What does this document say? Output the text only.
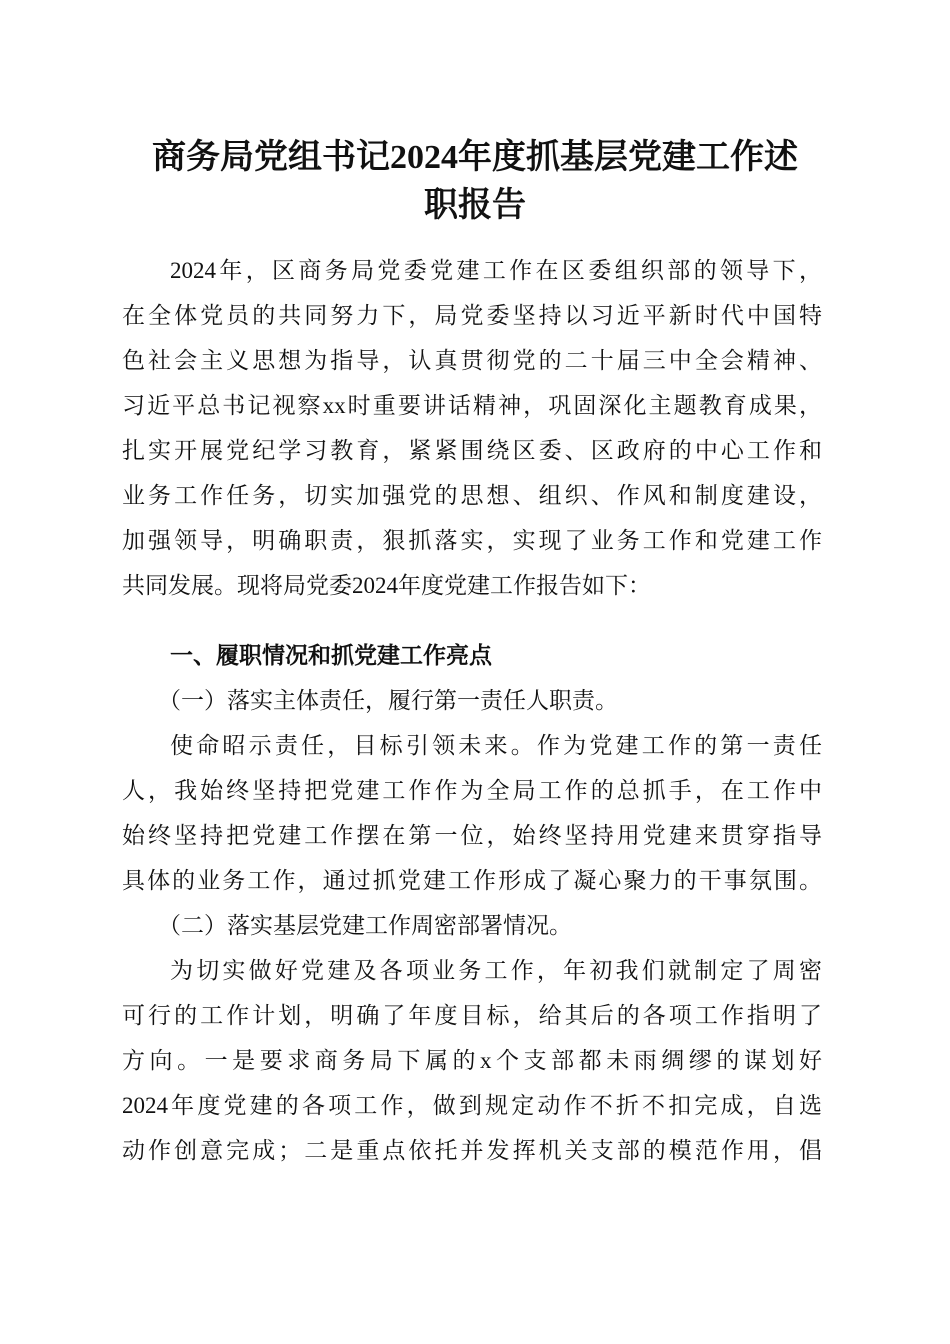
商务局党组书记2024年度抓基层党建工作述
职报告
2024年，区商务局党委党建工作在区委组织部的领导下，
在全体党员的共同努力下，局党委坚持以习近平新时代中国特
色社会主义思想为指导，认真贯彻党的二十届三中全会精神、
习近平总书记视察xx时重要讲话精神，巩固深化主题教育成果，
扎实开展党纪学习教育，紧紧围绕区委、区政府的中心工作和
业务工作任务，切实加强党的思想、组织、作风和制度建设，
加强领导，明确职责，狠抓落实，实现了业务工作和党建工作
共同发展。现将局党委2024年度党建工作报告如下：
一、履职情况和抓党建工作亮点
（一）落实主体责任，履行第一责任人职责。
使命昭示责任，目标引领未来。作为党建工作的第一责任
人，我始终坚持把党建工作作为全局工作的总抓手，在工作中
始终坚持把党建工作摆在第一位，始终坚持用党建来贯穿指导
具体的业务工作，通过抓党建工作形成了凝心聚力的干事氛围。
（二）落实基层党建工作周密部署情况。
为切实做好党建及各项业务工作，年初我们就制定了周密
可行的工作计划，明确了年度目标，给其后的各项工作指明了
方向。一是要求商务局下属的x个支部都未雨绸缪的谋划好
2024年度党建的各项工作，做到规定动作不折不扣完成，自选
动作创意完成；二是重点依托并发挥机关支部的模范作用，倡
